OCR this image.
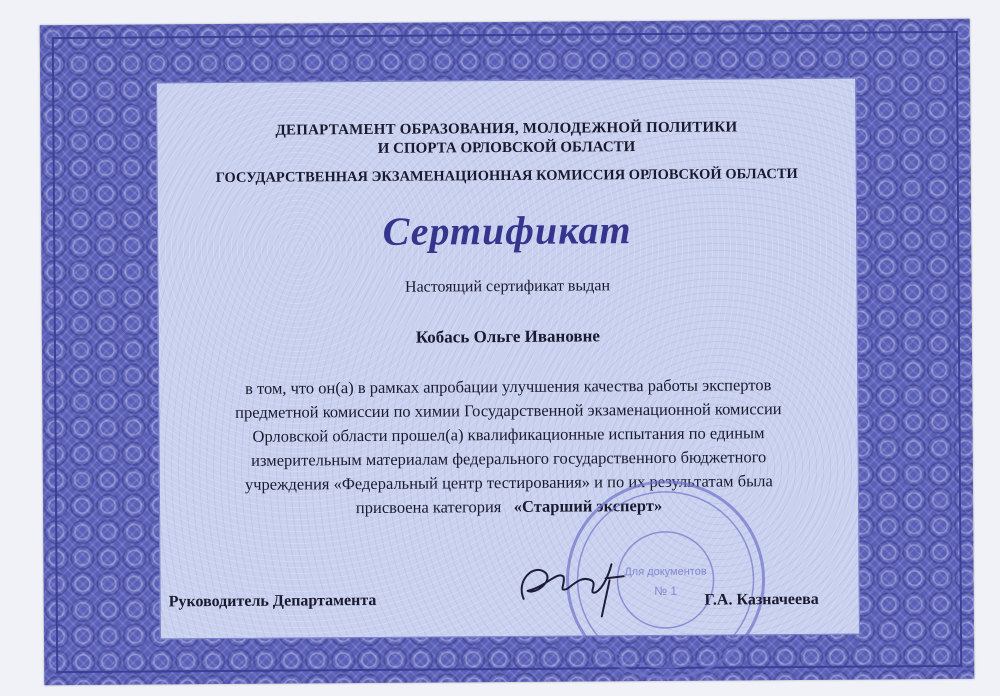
ДЕПАРТАМЕНТ ОБРАЗОВАНИЯ, МОЛОДЕЖНОЙ ПОЛИТИКИ
И СПОРТА ОРЛОВСКОЙ ОБЛАСТИ
ГОСУДАРСТВЕННАЯ ЭКЗАМЕНАЦИОННАЯ КОМИССИЯ ОРЛОВСКОЙ ОБЛАСТИ
Сертификат
Настоящий сертификат выдан
Кобась Ольге Ивановне
в том, что он(а) в рамках апробации улучшения качества работы экспертов
предметной комиссии по химии Государственной экзаменационной комиссии
Орловской области прошел(а) квалификационные испытания по единым
измерительным материалам федерального государственного бюджетного
учреждения «Федеральный центр тестирования» и по их результатам была
присвоена категория «Старший эксперт»
Для документов
№ 1
Руководитель Департамента	Г.А. Казначеева
